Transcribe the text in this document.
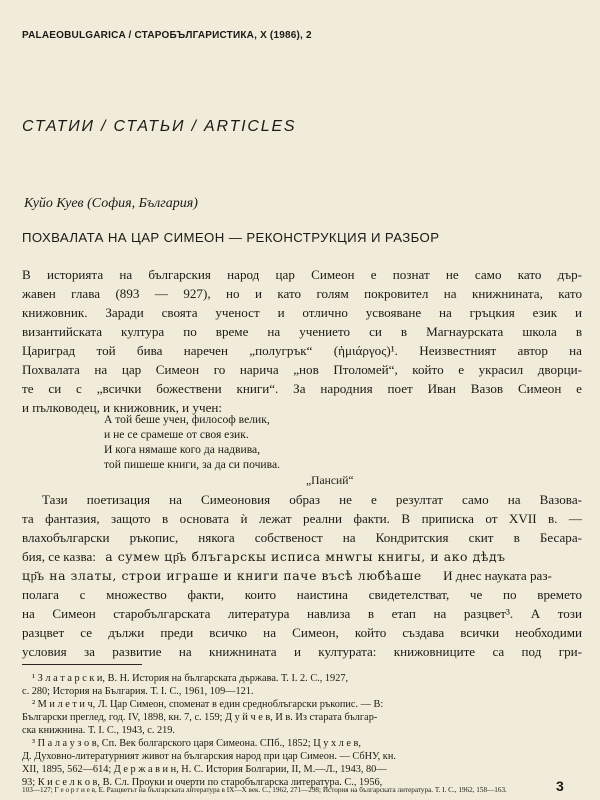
PALAEOBULGARICA / СТАРОБЪЛГАРИСТИКА, X (1986), 2
СТАТИИ / СТАТЬИ / ARTICLES
Куйо Куев (София, България)
ПОХВАЛАТА НА ЦАР СИМЕОН — РЕКОНСТРУКЦИЯ И РАЗБОР
В историята на българския народ цар Симеон е познат не само като дър-
жавен глава (893 — 927), но и като голям покровител на книжнината, като
книжовник. Заради своята ученост и отлично усвояване на гръцкия език и
византийската култура по време на учението си в Магнаурската школа в
Цариград той бива наречен „полугрък“ (ἡμιάργος)¹. Неизвестният автор на
Похвалата на цар Симеон го нарича „нов Птоломей“, който е украсил дворци-
те си с „всички божествени книги“. За народния поет Иван Вазов Симеон е
и пълководец, и книжовник, и учен:
А той беше учен, философ велик,
и не се срамеше от своя език.
И кога нямаше кого да надвива,
той пишеше книги, за да си почива.
„Пансий“
Тази поетизация на Симеоновия образ не е резултат само на Вазова-
та фантазия, защото в основата ѝ лежат реални факти. В приписка от XVII в. —
влахобългарски ръкопис, някога собственост на Кондритския скит в Бесара-
бия, се казва: а сумеѡ цр҃ь блъгарскы исписа мнwгы книгы, и ако дѣдъ
цр҃ь на златы, строи играше и книги паче въсѣ любѣаше И днес науката раз-
полага с множество факти, които наистина свидетелстват, че по времето
на Симеон старобългарската литература навлиза в етап на разцвет³. А този
разцвет се дължи преди всичко на Симеон, който създава всички необходими
условия за развитие на книжнината и културата: книжовниците са под гри-
¹ З л а т а р с к и, В. Н. История на българската държава. Т. I. 2. С., 1927,
с. 280; История на България. Т. I. С., 1961, 109—121.
² М и л е т и ч, Л. Цар Симеон, споменат в един средноблъгарски ръкопис. — В:
Български преглед, год. IV, 1898, кн. 7, с. 159; Д у й ч е в, И в. Из старата българ-
ска книжнина. Т. I. С., 1943, с. 219.
³ П а л а у з о в, Сп. Век болгарского царя Симеона. СПб., 1852; Ц у х л е в,
Д. Духовно-литературният живот на българския народ при цар Симеон. — СбНУ, кн.
XII, 1895, 562—614; Д е р ж а в и н, Н. С. История Болгарии, II, М.—Л., 1943, 80—
93; К и с е л к о в, В. Сл. Проуки и очерти по старобългарска литература. С., 1956,	3
103—127; Г е о р г и е в, Е. Разцветът на българската литература в IX—X век. С., 1962, 271—298; История на българската литература. Т. I. С., 1962, 158—163.
